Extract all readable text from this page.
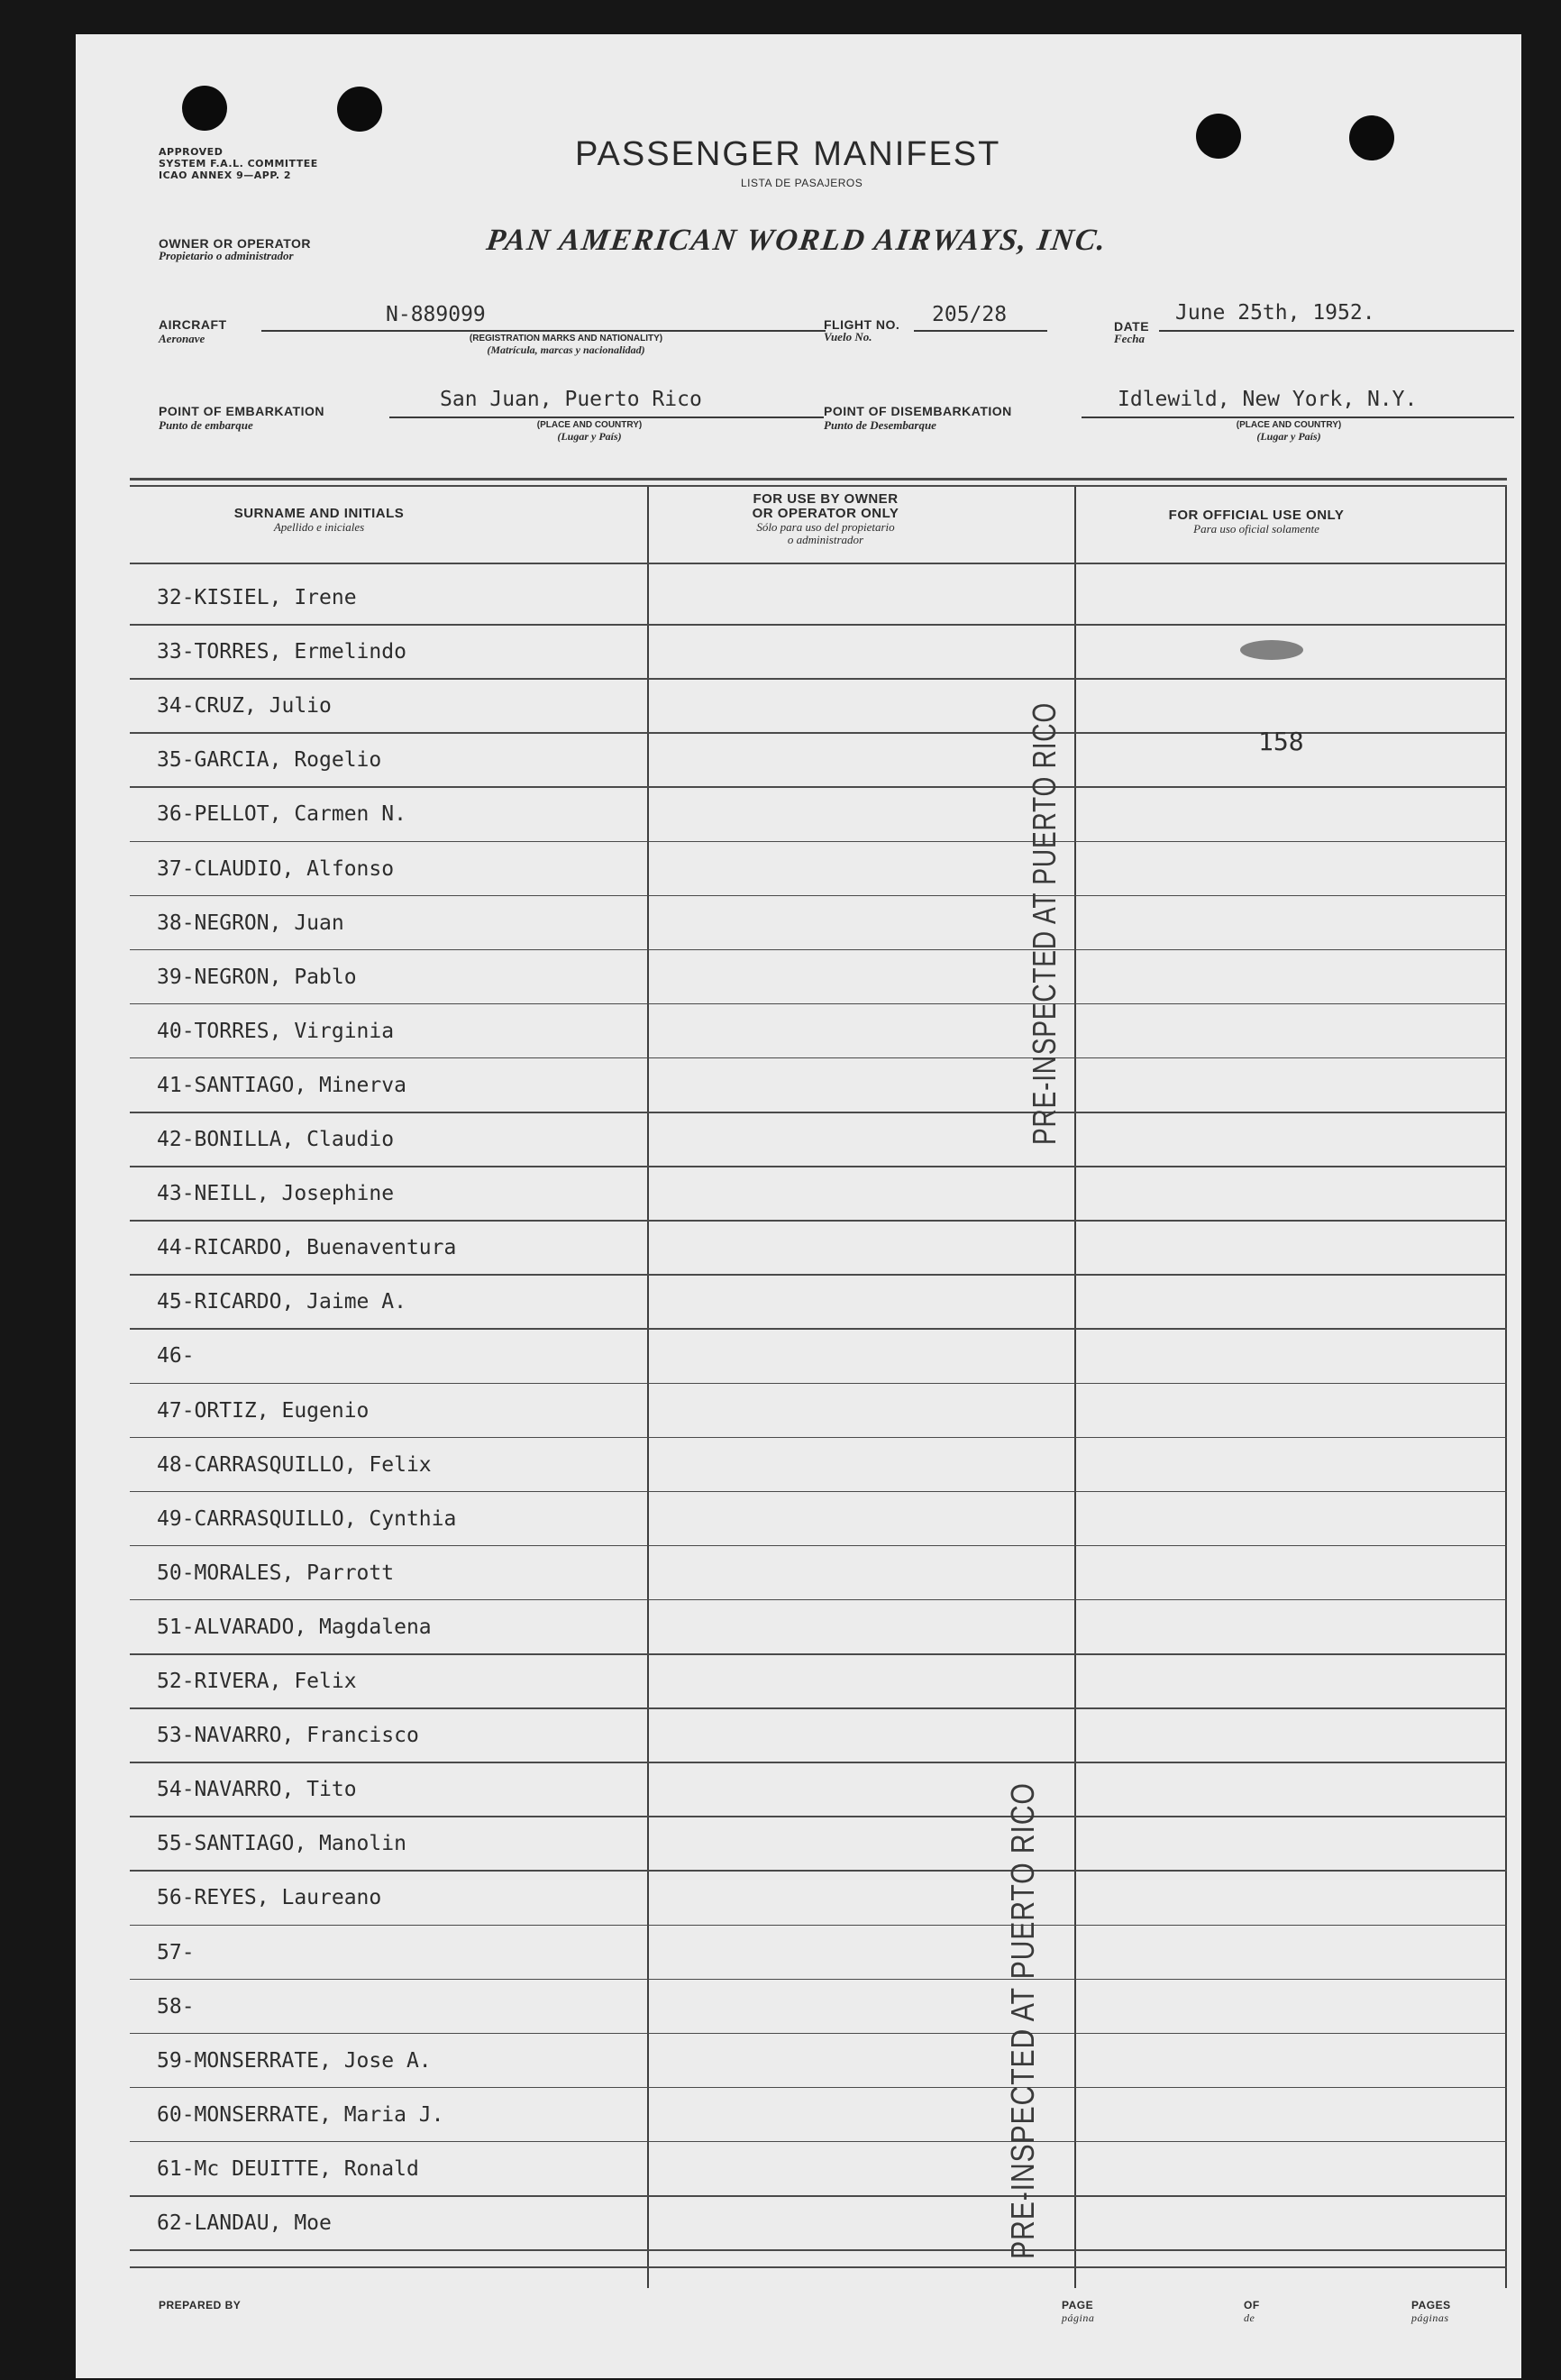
APPROVED
SYSTEM F.A.L. COMMITTEE
ICAO ANNEX 9—APP. 2
PASSENGER MANIFEST
LISTA DE PASAJEROS
OWNER OR OPERATOR
Propietario o administrador	PAN AMERICAN WORLD AIRWAYS, INC.
AIRCRAFT
Aeronave
N-889099
(REGISTRATION MARKS AND NATIONALITY)
(Matrícula, marcas y nacionalidad)
FLIGHT NO.
Vuelo No.
205/28	DATE
Fecha
June 25th, 1952.
POINT OF EMBARKATION
Punto de embarque
San Juan, Puerto Rico
(PLACE AND COUNTRY)
(Lugar y País)
POINT OF DISEMBARKATION
Punto de Desembarque
Idlewild, New York, N.Y.
(PLACE AND COUNTRY)
(Lugar y País)
SURNAME AND INITIALS
Apellido e iniciales
FOR USE BY OWNER
OR OPERATOR ONLY
Sólo para uso del propietario
o administrador
FOR OFFICIAL USE ONLY
Para uso oficial solamente
32-KISIEL, Irene
33-TORRES, Ermelindo
34-CRUZ, Julio
35-GARCIA, Rogelio
36-PELLOT, Carmen N.
37-CLAUDIO, Alfonso
38-NEGRON, Juan
39-NEGRON, Pablo
40-TORRES, Virginia
41-SANTIAGO, Minerva
42-BONILLA, Claudio
43-NEILL, Josephine
44-RICARDO, Buenaventura
45-RICARDO, Jaime A.
46-
47-ORTIZ, Eugenio
48-CARRASQUILLO, Felix
49-CARRASQUILLO, Cynthia
50-MORALES, Parrott
51-ALVARADO, Magdalena
52-RIVERA, Felix
53-NAVARRO, Francisco
54-NAVARRO, Tito
55-SANTIAGO, Manolin
56-REYES, Laureano
57-
58-
59-MONSERRATE, Jose A.
60-MONSERRATE, Maria J.
61-Mc DEUITTE, Ronald
62-LANDAU, Moe
158
PRE-INSPECTED AT PUERTO RICO
PRE-INSPECTED AT PUERTO RICO
PREPARED BY	PAGE
página
OF
de
PAGES
páginas
